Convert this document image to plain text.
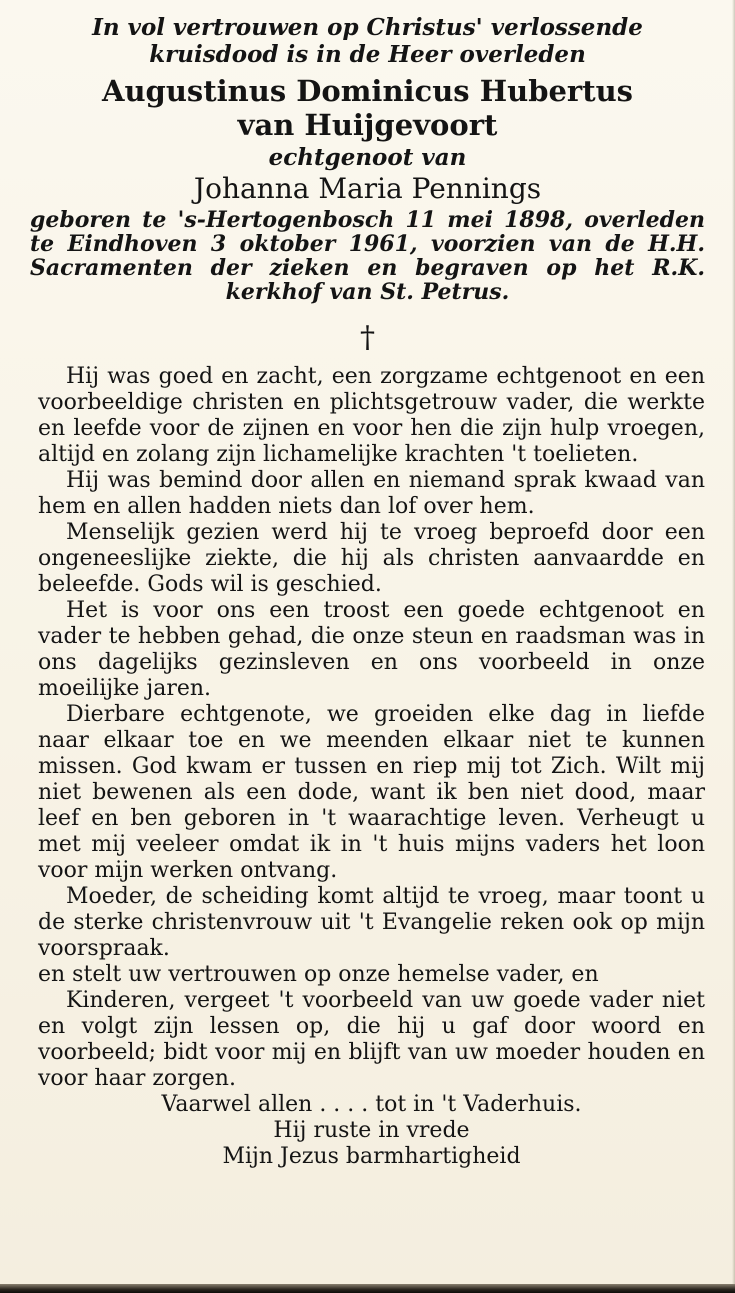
In vol vertrouwen op Christus' verlossende

kruisdood is in de Heer overleden

Augustinus Dominicus Hubertus

van Huijgevoort

echtgenoot van

Johanna Maria Pennings

geboren te 's-Hertogenbosch 11 mei 1898, overleden te Eindhoven 3 oktober 1961, voorzien van de H.H. Sacramenten der zieken en begraven op het R.K. kerkhof van St. Petrus.

†

Hij was goed en zacht, een zorgzame echtgenoot en een voorbeeldige christen en plichtsgetrouw vader, die werkte en leefde voor de zijnen en voor hen die zijn hulp vroegen, altijd en zolang zijn lichamelijke krachten 't toelieten.

Hij was bemind door allen en niemand sprak kwaad van hem en allen hadden niets dan lof over hem.

Menselijk gezien werd hij te vroeg beproefd door een ongeneeslijke ziekte, die hij als christen aanvaardde en beleefde. Gods wil is geschied.

Het is voor ons een troost een goede echtgenoot en vader te hebben gehad, die onze steun en raadsman was in ons dagelijks gezinsleven en ons voorbeeld in onze moeilijke jaren.

Dierbare echtgenote, we groeiden elke dag in liefde naar elkaar toe en we meenden elkaar niet te kunnen missen. God kwam er tussen en riep mij tot Zich. Wilt mij niet bewenen als een dode, want ik ben niet dood, maar leef en ben geboren in 't waarachtige leven. Verheugt u met mij veeleer omdat ik in 't huis mijns vaders het loon voor mijn werken ontvang.

Moeder, de scheiding komt altijd te vroeg, maar toont u de sterke christenvrouw uit 't Evangelie reken ook op mijn voorspraak.

en stelt uw vertrouwen op onze hemelse vader, en

Kinderen, vergeet 't voorbeeld van uw goede vader niet en volgt zijn lessen op, die hij u gaf door woord en voorbeeld; bidt voor mij en blijft van uw moeder houden en voor haar zorgen.

Vaarwel allen . . . . tot in 't Vaderhuis.

Hij ruste in vrede

Mijn Jezus barmhartigheid
